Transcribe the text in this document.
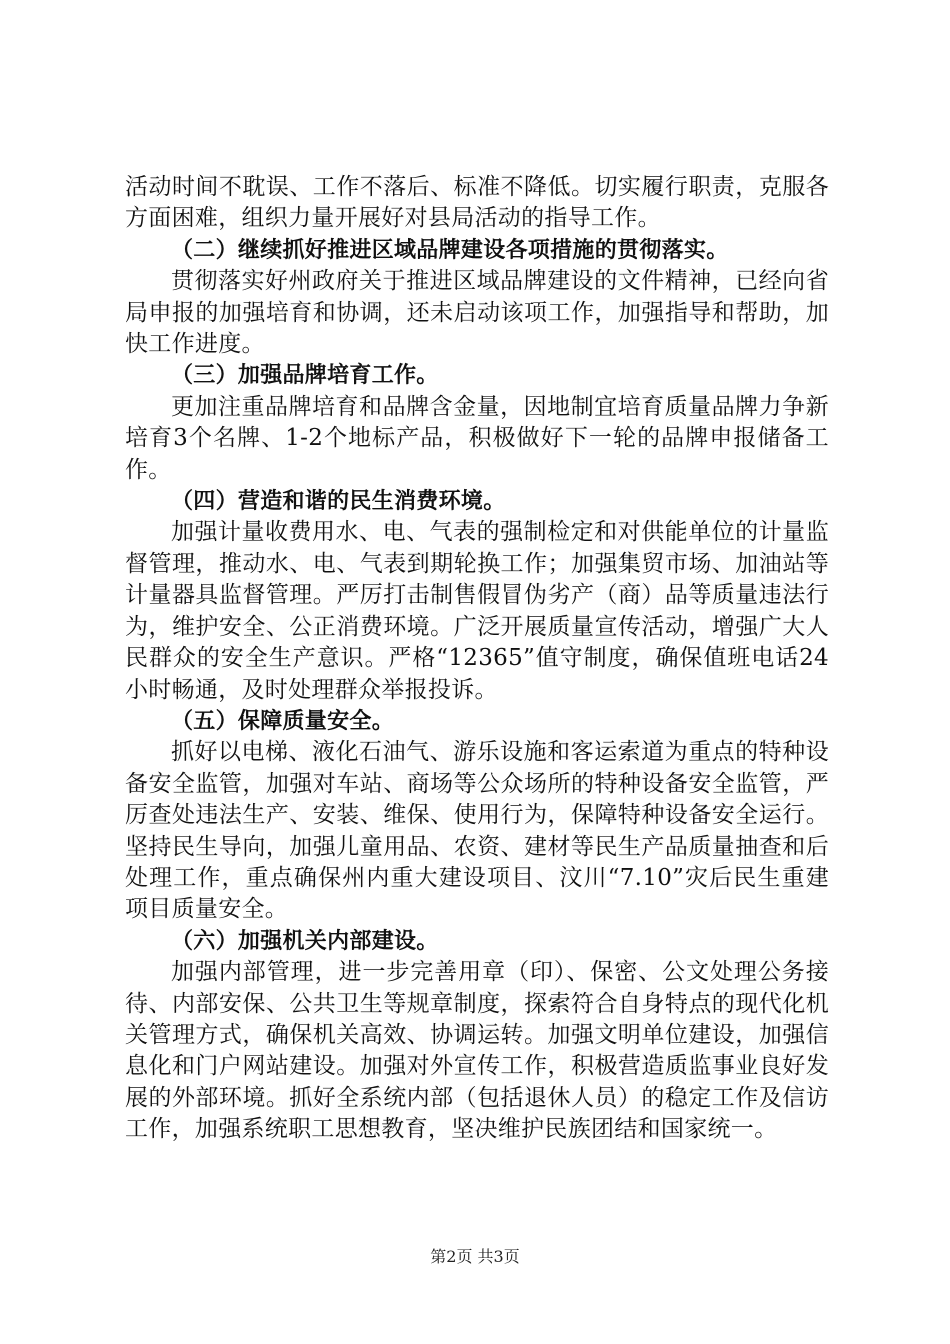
活动时间不耽误、工作不落后、标准不降低。切实履行职责，克服各方面困难，组织力量开展好对县局活动的指导工作。

（二）继续抓好推进区域品牌建设各项措施的贯彻落实。

贯彻落实好州政府关于推进区域品牌建设的文件精神，已经向省局申报的加强培育和协调，还未启动该项工作，加强指导和帮助，加快工作进度。

（三）加强品牌培育工作。

更加注重品牌培育和品牌含金量，因地制宜培育质量品牌力争新培育3个名牌、1-2个地标产品，积极做好下一轮的品牌申报储备工作。

（四）营造和谐的民生消费环境。

加强计量收费用水、电、气表的强制检定和对供能单位的计量监督管理，推动水、电、气表到期轮换工作；加强集贸市场、加油站等计量器具监督管理。严厉打击制售假冒伪劣产（商）品等质量违法行为，维护安全、公正消费环境。广泛开展质量宣传活动，增强广大人民群众的安全生产意识。严格“12365”值守制度，确保值班电话24小时畅通，及时处理群众举报投诉。

（五）保障质量安全。

抓好以电梯、液化石油气、游乐设施和客运索道为重点的特种设备安全监管，加强对车站、商场等公众场所的特种设备安全监管，严厉查处违法生产、安装、维保、使用行为，保障特种设备安全运行。坚持民生导向，加强儿童用品、农资、建材等民生产品质量抽查和后处理工作，重点确保州内重大建设项目、汶川“7.10”灾后民生重建项目质量安全。

（六）加强机关内部建设。

加强内部管理，进一步完善用章（印）、保密、公文处理公务接待、内部安保、公共卫生等规章制度，探索符合自身特点的现代化机关管理方式，确保机关高效、协调运转。加强文明单位建设，加强信息化和门户网站建设。加强对外宣传工作，积极营造质监事业良好发展的外部环境。抓好全系统内部（包括退休人员）的稳定工作及信访工作，加强系统职工思想教育，坚决维护民族团结和国家统一。

第2页 共3页
